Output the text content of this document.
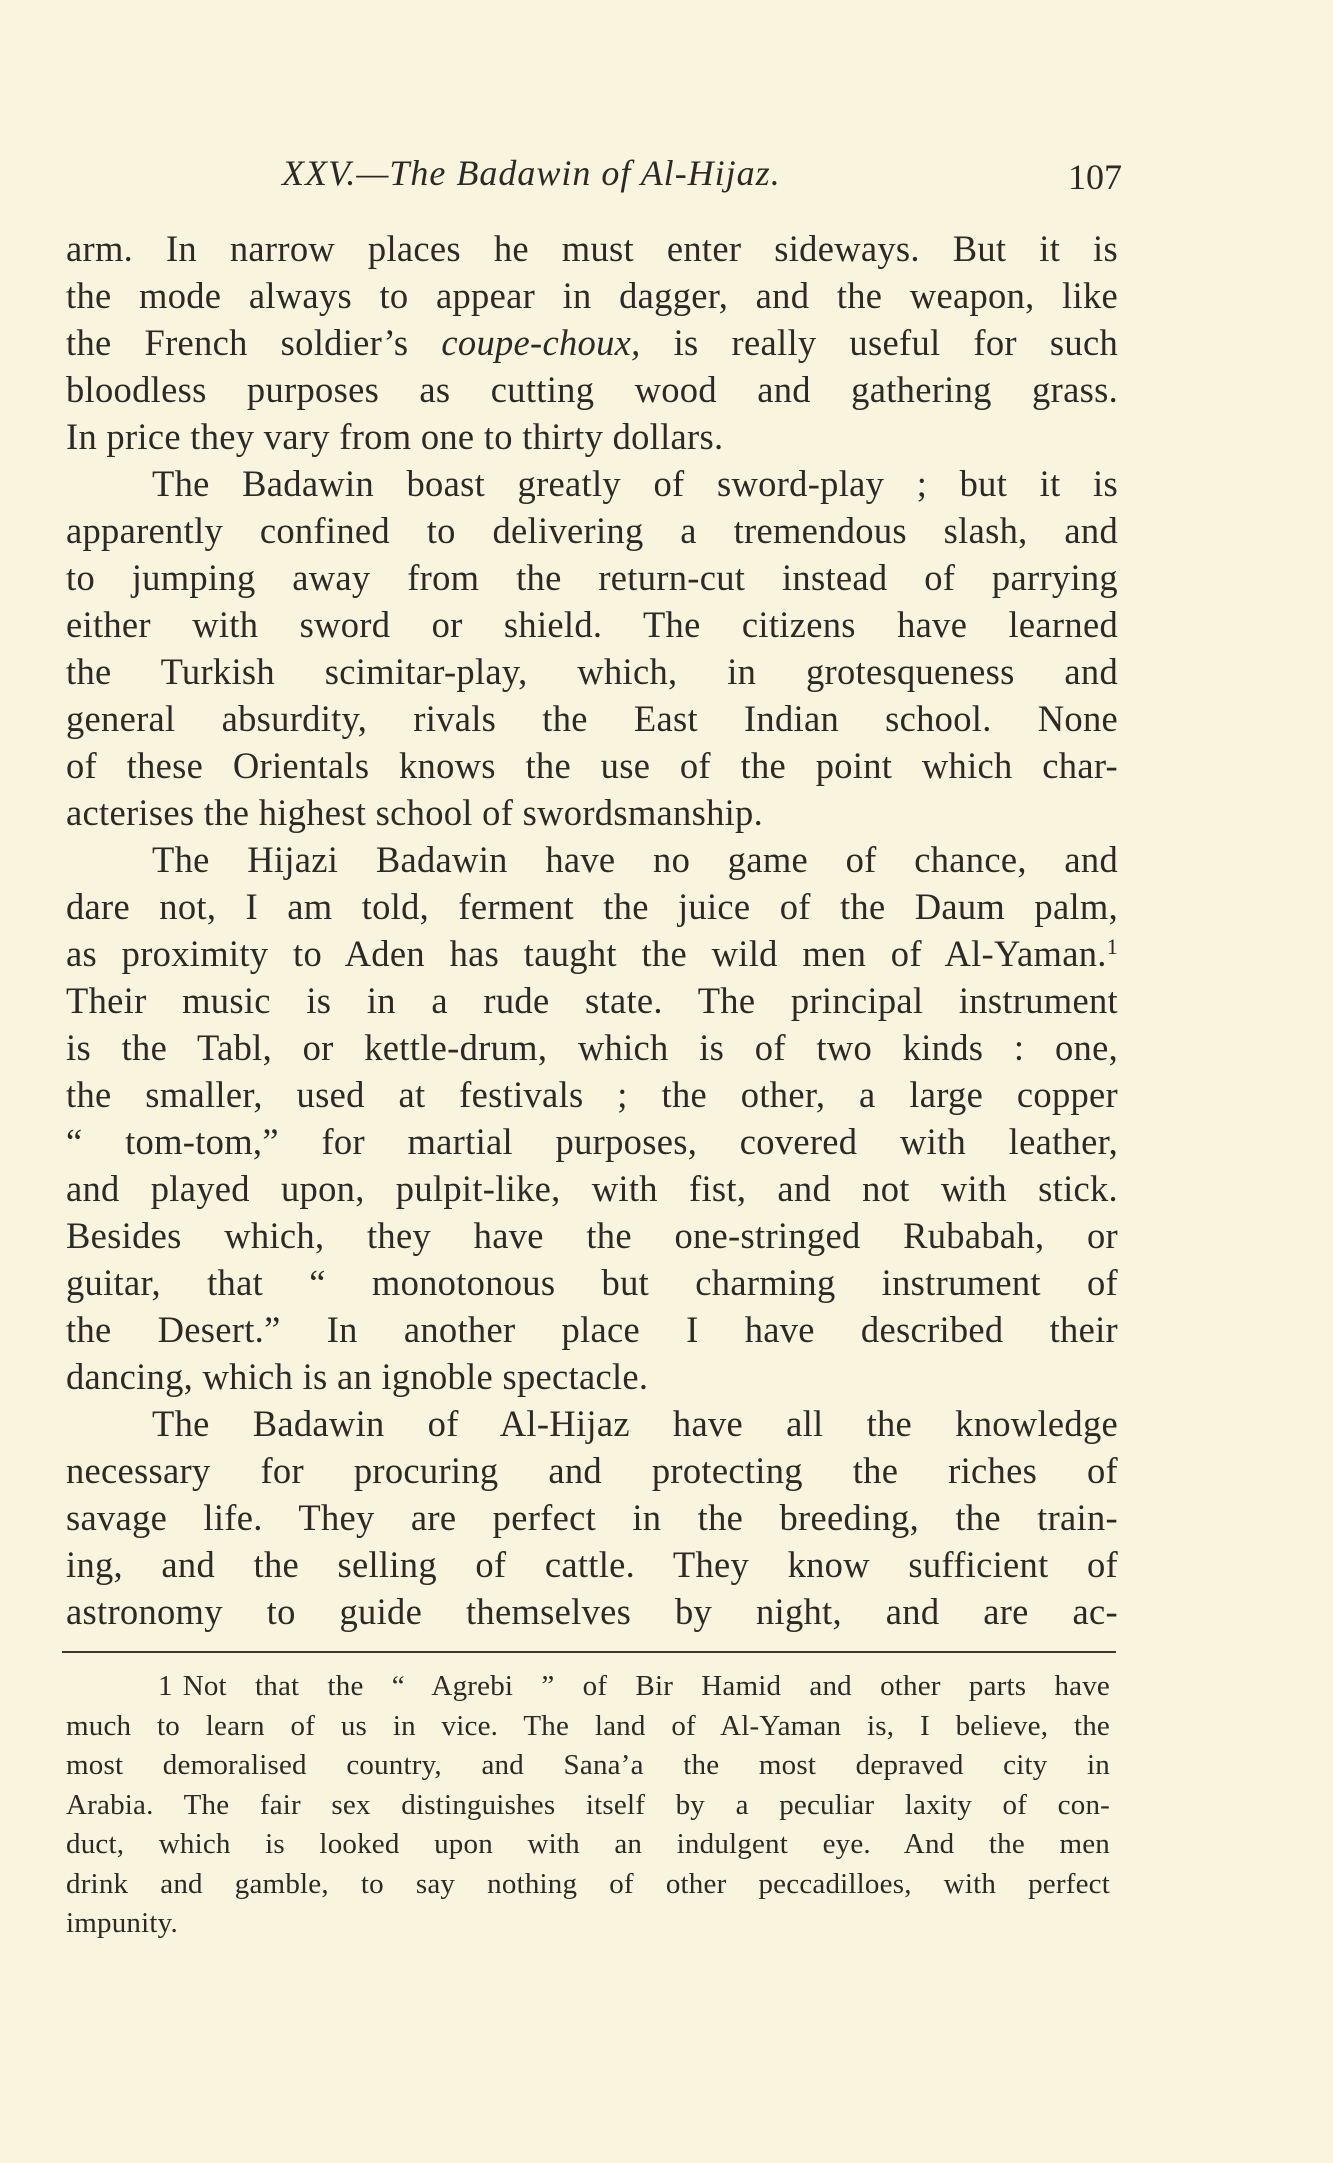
XXV.—The Badawin of Al-Hijaz.	107
arm. In narrow places he must enter sideways. But it is
the mode always to appear in dagger, and the weapon, like
the French soldier’s coupe-choux, is really useful for such
bloodless purposes as cutting wood and gathering grass.
In price they vary from one to thirty dollars.
The Badawin boast greatly of sword-play ; but it is
apparently confined to delivering a tremendous slash, and
to jumping away from the return-cut instead of parrying
either with sword or shield. The citizens have learned
the Turkish scimitar-play, which, in grotesqueness and
general absurdity, rivals the East Indian school. None
of these Orientals knows the use of the point which char-
acterises the highest school of swordsmanship.
The Hijazi Badawin have no game of chance, and
dare not, I am told, ferment the juice of the Daum palm,
as proximity to Aden has taught the wild men of Al-Yaman.$^1$
Their music is in a rude state. The principal instrument
is the Tabl, or kettle-drum, which is of two kinds : one,
the smaller, used at festivals ; the other, a large copper
“ tom-tom,” for martial purposes, covered with leather,
and played upon, pulpit-like, with fist, and not with stick.
Besides which, they have the one-stringed Rubabah, or
guitar, that “ monotonous but charming instrument of
the Desert.” In another place I have described their
dancing, which is an ignoble spectacle.
The Badawin of Al-Hijaz have all the knowledge
necessary for procuring and protecting the riches of
savage life. They are perfect in the breeding, the train-
ing, and the selling of cattle. They know sufficient of
astronomy to guide themselves by night, and are ac-
1 Not that the “ Agrebi ” of Bir Hamid and other parts have
much to learn of us in vice. The land of Al-Yaman is, I believe, the
most demoralised country, and Sana’a the most depraved city in
Arabia. The fair sex distinguishes itself by a peculiar laxity of con-
duct, which is looked upon with an indulgent eye. And the men
drink and gamble, to say nothing of other peccadilloes, with perfect
impunity.
